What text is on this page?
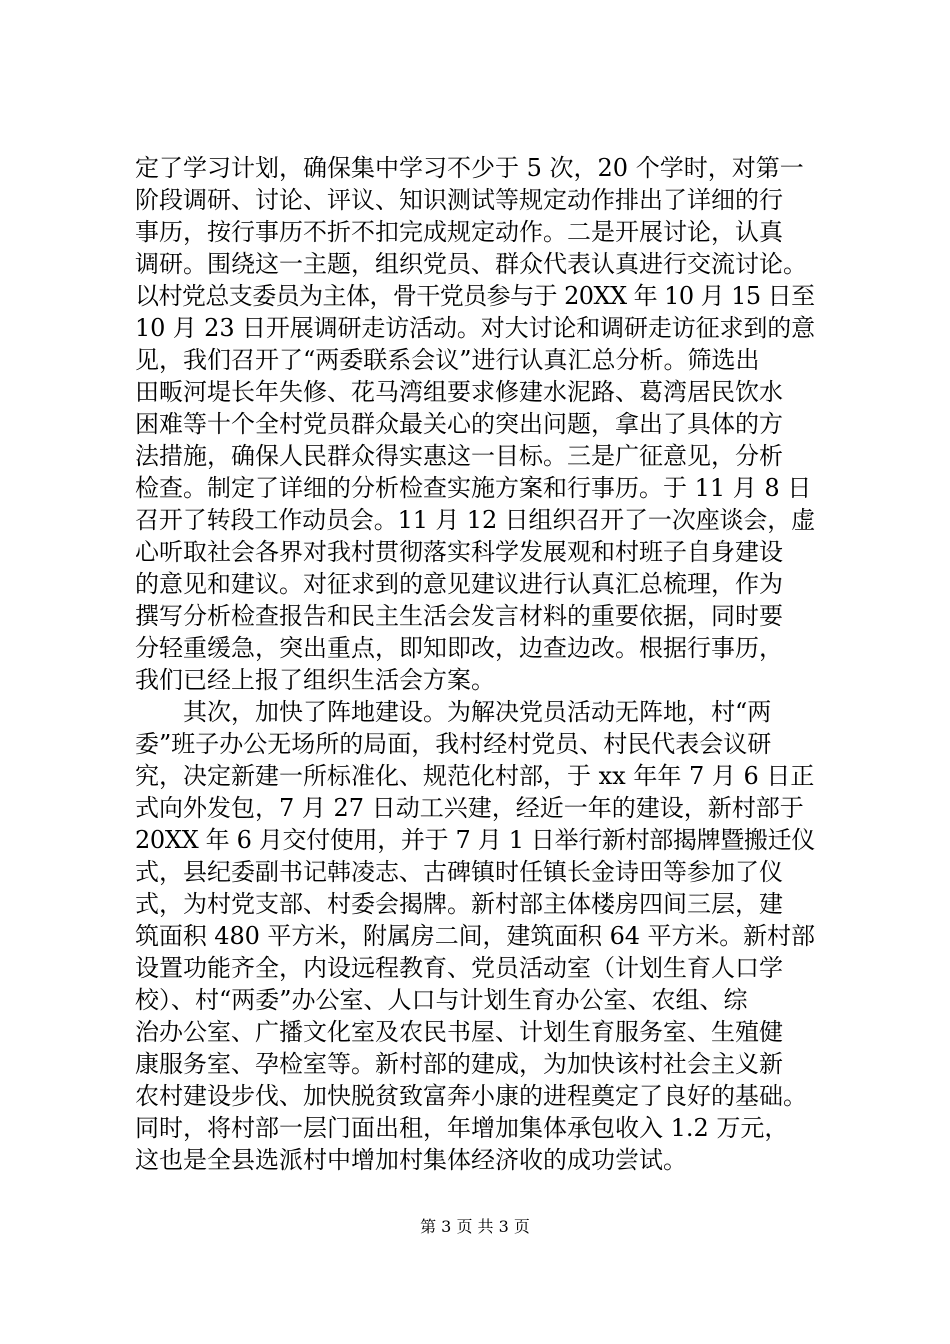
定了学习计划，确保集中学习不少于 5 次，20 个学时，对第一
阶段调研、讨论、评议、知识测试等规定动作排出了详细的行
事历，按行事历不折不扣完成规定动作。二是开展讨论，认真
调研。围绕这一主题，组织党员、群众代表认真进行交流讨论。
以村党总支委员为主体，骨干党员参与于 20XX 年 10 月 15 日至
10 月 23 日开展调研走访活动。对大讨论和调研走访征求到的意
见，我们召开了“两委联系会议”进行认真汇总分析。筛选出
田畈河堤长年失修、花马湾组要求修建水泥路、葛湾居民饮水
困难等十个全村党员群众最关心的突出问题，拿出了具体的方
法措施，确保人民群众得实惠这一目标。三是广征意见，分析
检查。制定了详细的分析检查实施方案和行事历。于 11 月 8 日
召开了转段工作动员会。11 月 12 日组织召开了一次座谈会，虚
心听取社会各界对我村贯彻落实科学发展观和村班子自身建设
的意见和建议。对征求到的意见建议进行认真汇总梳理，作为
撰写分析检查报告和民主生活会发言材料的重要依据，同时要
分轻重缓急，突出重点，即知即改，边查边改。根据行事历，
我们已经上报了组织生活会方案。
　　其次，加快了阵地建设。为解决党员活动无阵地，村“两
委”班子办公无场所的局面，我村经村党员、村民代表会议研
究，决定新建一所标准化、规范化村部，于 xx 年年 7 月 6 日正
式向外发包，7 月 27 日动工兴建，经近一年的建设，新村部于
20XX 年 6 月交付使用，并于 7 月 1 日举行新村部揭牌暨搬迁仪
式，县纪委副书记韩凌志、古碑镇时任镇长金诗田等参加了仪
式，为村党支部、村委会揭牌。新村部主体楼房四间三层，建
筑面积 480 平方米，附属房二间，建筑面积 64 平方米。新村部
设置功能齐全，内设远程教育、党员活动室（计划生育人口学
校）、村“两委”办公室、人口与计划生育办公室、农组、综
治办公室、广播文化室及农民书屋、计划生育服务室、生殖健
康服务室、孕检室等。新村部的建成，为加快该村社会主义新
农村建设步伐、加快脱贫致富奔小康的进程奠定了良好的基础。
同时，将村部一层门面出租，年增加集体承包收入 1.2 万元，
这也是全县选派村中增加村集体经济收的成功尝试。
第 3 页 共 3 页
